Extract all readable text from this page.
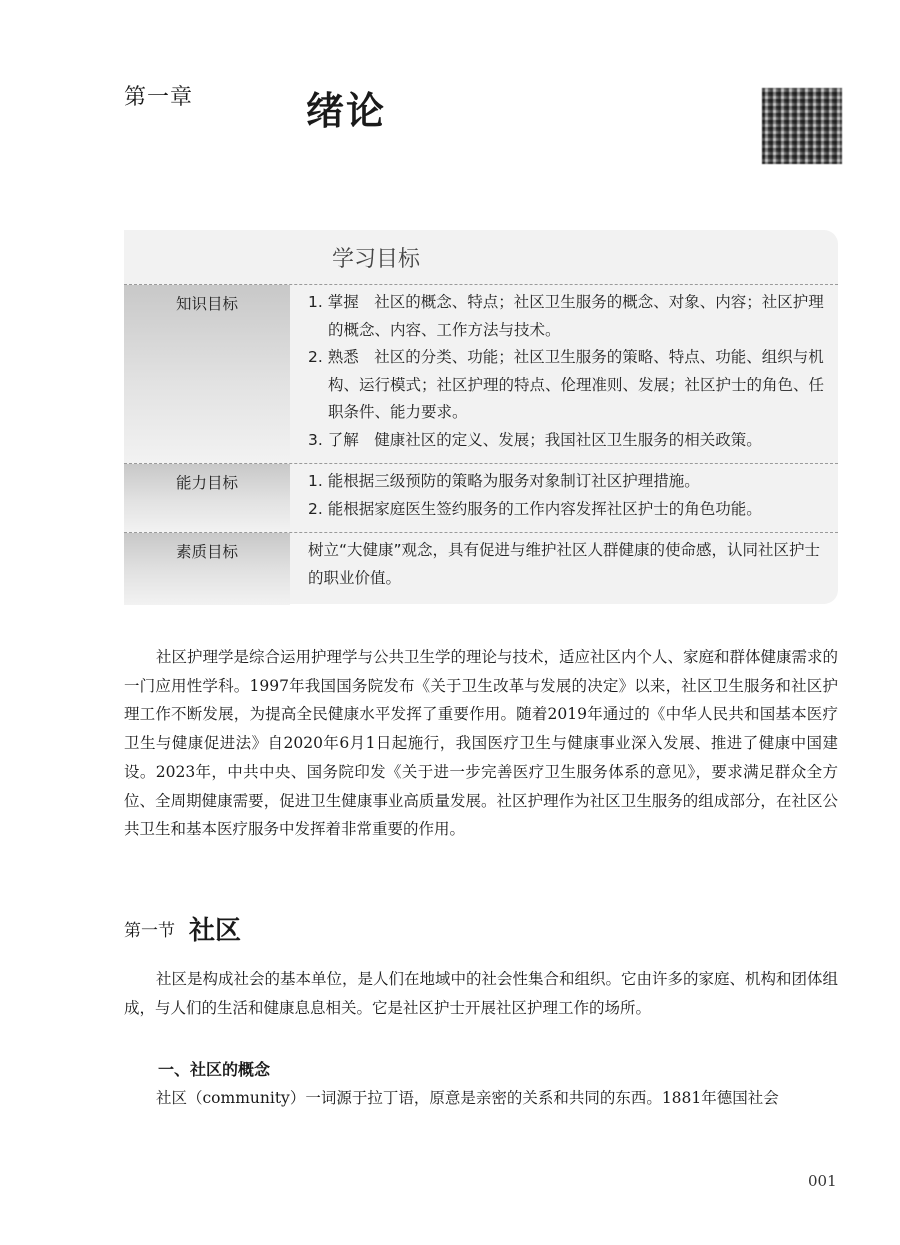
第一章	绪论
学习目标
知识目标	1. 掌握　社区的概念、特点；社区卫生服务的概念、对象、内容；社区护理的概念、内容、工作方法与技术。
2. 熟悉　社区的分类、功能；社区卫生服务的策略、特点、功能、组织与机构、运行模式；社区护理的特点、伦理准则、发展；社区护士的角色、任职条件、能力要求。
3. 了解　健康社区的定义、发展；我国社区卫生服务的相关政策。
能力目标	1. 能根据三级预防的策略为服务对象制订社区护理措施。
2. 能根据家庭医生签约服务的工作内容发挥社区护士的角色功能。
素质目标	树立“大健康”观念，具有促进与维护社区人群健康的使命感，认同社区护士的职业价值。

社区护理学是综合运用护理学与公共卫生学的理论与技术，适应社区内个人、家庭和群体健康需求的一门应用性学科。1997年我国国务院发布《关于卫生改革与发展的决定》以来，社区卫生服务和社区护理工作不断发展，为提高全民健康水平发挥了重要作用。随着2019年通过的《中华人民共和国基本医疗卫生与健康促进法》自2020年6月1日起施行，我国医疗卫生与健康事业深入发展、推进了健康中国建设。2023年，中共中央、国务院印发《关于进一步完善医疗卫生服务体系的意见》，要求满足群众全方位、全周期健康需要，促进卫生健康事业高质量发展。社区护理作为社区卫生服务的组成部分，在社区公共卫生和基本医疗服务中发挥着非常重要的作用。

第一节 社区

社区是构成社会的基本单位，是人们在地域中的社会性集合和组织。它由许多的家庭、机构和团体组成，与人们的生活和健康息息相关。它是社区护士开展社区护理工作的场所。

一、社区的概念

社区（community）一词源于拉丁语，原意是亲密的关系和共同的东西。1881年德国社会

001
